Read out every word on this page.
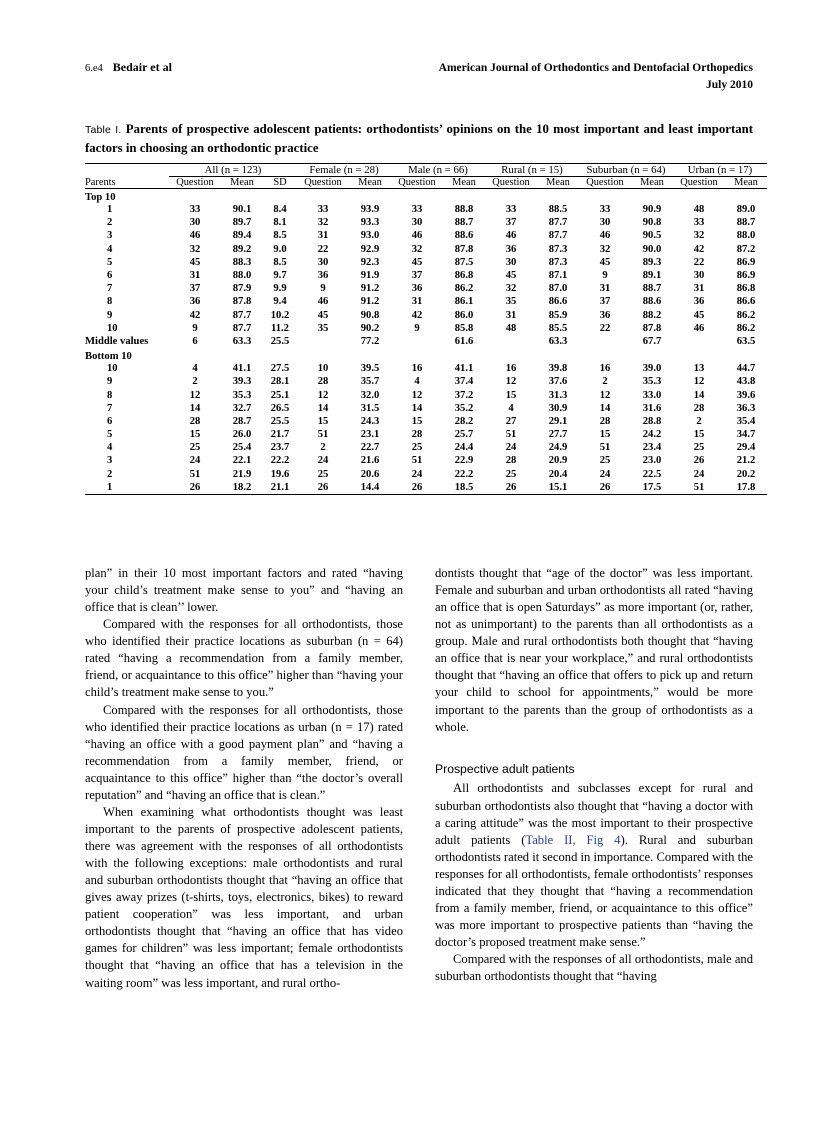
6.e4 Bedair et al	American Journal of Orthodontics and Dentofacial Orthopedics
July 2010
Table I. Parents of prospective adolescent patients: orthodontists’ opinions on the 10 most important and least important factors in choosing an orthodontic practice

	All (n = 123)			Female (n = 28)		Male (n = 66)		Rural (n = 15)		Suburban (n = 64)		Urban (n = 17)	
Parents	Question	Mean	SD	Question	Mean	Question	Mean	Question	Mean	Question	Mean	Question	Mean

Top 10													
1	33	90.1	8.4	33	93.9	33	88.8	33	88.5	33	90.9	48	89.0
2	30	89.7	8.1	32	93.3	30	88.7	37	87.7	30	90.8	33	88.7
3	46	89.4	8.5	31	93.0	46	88.6	46	87.7	46	90.5	32	88.0
4	32	89.2	9.0	22	92.9	32	87.8	36	87.3	32	90.0	42	87.2
5	45	88.3	8.5	30	92.3	45	87.5	30	87.3	45	89.3	22	86.9
6	31	88.0	9.7	36	91.9	37	86.8	45	87.1	9	89.1	30	86.9
7	37	87.9	9.9	9	91.2	36	86.2	32	87.0	31	88.7	31	86.8
8	36	87.8	9.4	46	91.2	31	86.1	35	86.6	37	88.6	36	86.6
9	42	87.7	10.2	45	90.8	42	86.0	31	85.9	36	88.2	45	86.2
10	9	87.7	11.2	35	90.2	9	85.8	48	85.5	22	87.8	46	86.2
Middle values	6	63.3	25.5		77.2		61.6		63.3		67.7		63.5
Bottom 10													
10	4	41.1	27.5	10	39.5	16	41.1	16	39.8	16	39.0	13	44.7
9	2	39.3	28.1	28	35.7	4	37.4	12	37.6	2	35.3	12	43.8
8	12	35.3	25.1	12	32.0	12	37.2	15	31.3	12	33.0	14	39.6
7	14	32.7	26.5	14	31.5	14	35.2	4	30.9	14	31.6	28	36.3
6	28	28.7	25.5	15	24.3	15	28.2	27	29.1	28	28.8	2	35.4
5	15	26.0	21.7	51	23.1	28	25.7	51	27.7	15	24.2	15	34.7
4	25	25.4	23.7	2	22.7	25	24.4	24	24.9	51	23.4	25	29.4
3	24	22.1	22.2	24	21.6	51	22.9	28	20.9	25	23.0	26	21.2
2	51	21.9	19.6	25	20.6	24	22.2	25	20.4	24	22.5	24	20.2
1	26	18.2	21.1	26	14.4	26	18.5	26	15.1	26	17.5	51	17.8

plan” in their 10 most important factors and rated “having your child’s treatment make sense to you” and “having an office that is clean’’ lower.

Compared with the responses for all orthodontists, those who identified their practice locations as suburban (n = 64) rated “having a recommendation from a family member, friend, or acquaintance to this office” higher than “having your child’s treatment make sense to you.”

Compared with the responses for all orthodontists, those who identified their practice locations as urban (n = 17) rated “having an office with a good payment plan” and “having a recommendation from a family member, friend, or acquaintance to this office” higher than “the doctor’s overall reputation” and “having an office that is clean.”

When examining what orthodontists thought was least important to the parents of prospective adolescent patients, there was agreement with the responses of all orthodontists with the following exceptions: male orthodontists and rural and suburban orthodontists thought that “having an office that gives away prizes (t-shirts, toys, electronics, bikes) to reward patient cooperation” was less important, and urban orthodontists thought that “having an office that has video games for children” was less important; female orthodontists thought that “having an office that has a television in the waiting room” was less important, and rural ortho-

dontists thought that “age of the doctor” was less important. Female and suburban and urban orthodontists all rated “having an office that is open Saturdays” as more important (or, rather, not as unimportant) to the parents than all orthodontists as a group. Male and rural orthodontists both thought that “having an office that is near your workplace,” and rural orthodontists thought that “having an office that offers to pick up and return your child to school for appointments,” would be more important to the parents than the group of orthodontists as a whole.

Prospective adult patients

All orthodontists and subclasses except for rural and suburban orthodontists also thought that “having a doctor with a caring attitude” was the most important to their prospective adult patients (Table II, Fig 4). Rural and suburban orthodontists rated it second in importance. Compared with the responses for all orthodontists, female orthodontists’ responses indicated that they thought that “having a recommendation from a family member, friend, or acquaintance to this office” was more important to prospective patients than “having the doctor’s proposed treatment make sense.”

Compared with the responses of all orthodontists, male and suburban orthodontists thought that “having
